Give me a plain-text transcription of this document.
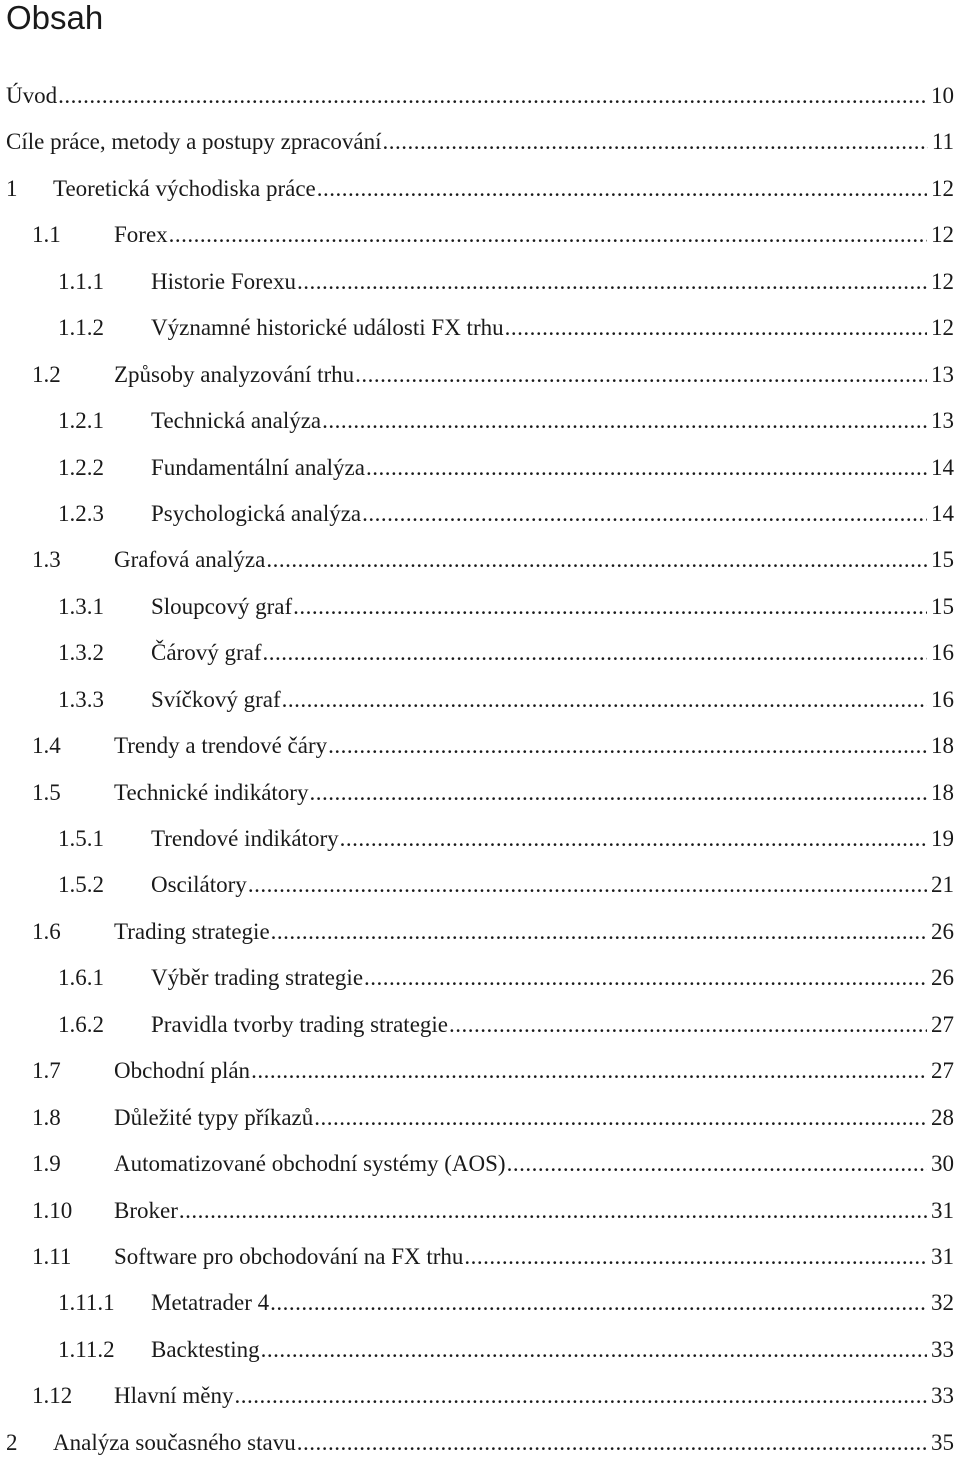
Obsah
Úvod .....	10
Cíle práce, metody a postupy zpracování .....	11
1	Teoretická východiska práce .....	12
1.1	Forex .....	12
1.1.1	Historie Forexu .....	12
1.1.2	Významné historické události FX trhu .....	12
1.2	Způsoby analyzování trhu .....	13
1.2.1	Technická analýza .....	13
1.2.2	Fundamentální analýza .....	14
1.2.3	Psychologická analýza .....	14
1.3	Grafová analýza .....	15
1.3.1	Sloupcový graf .....	15
1.3.2	Čárový graf .....	16
1.3.3	Svíčkový graf .....	16
1.4	Trendy a trendové čáry .....	18
1.5	Technické indikátory .....	18
1.5.1	Trendové indikátory .....	19
1.5.2	Oscilátory .....	21
1.6	Trading strategie .....	26
1.6.1	Výběr trading strategie .....	26
1.6.2	Pravidla tvorby trading strategie .....	27
1.7	Obchodní plán .....	27
1.8	Důležité typy příkazů .....	28
1.9	Automatizované obchodní systémy (AOS) .....	30
1.10	Broker .....	31
1.11	Software pro obchodování na FX trhu .....	31
1.11.1	Metatrader 4 .....	32
1.11.2	Backtesting .....	33
1.12	Hlavní měny .....	33
2	Analýza současného stavu .....	35
